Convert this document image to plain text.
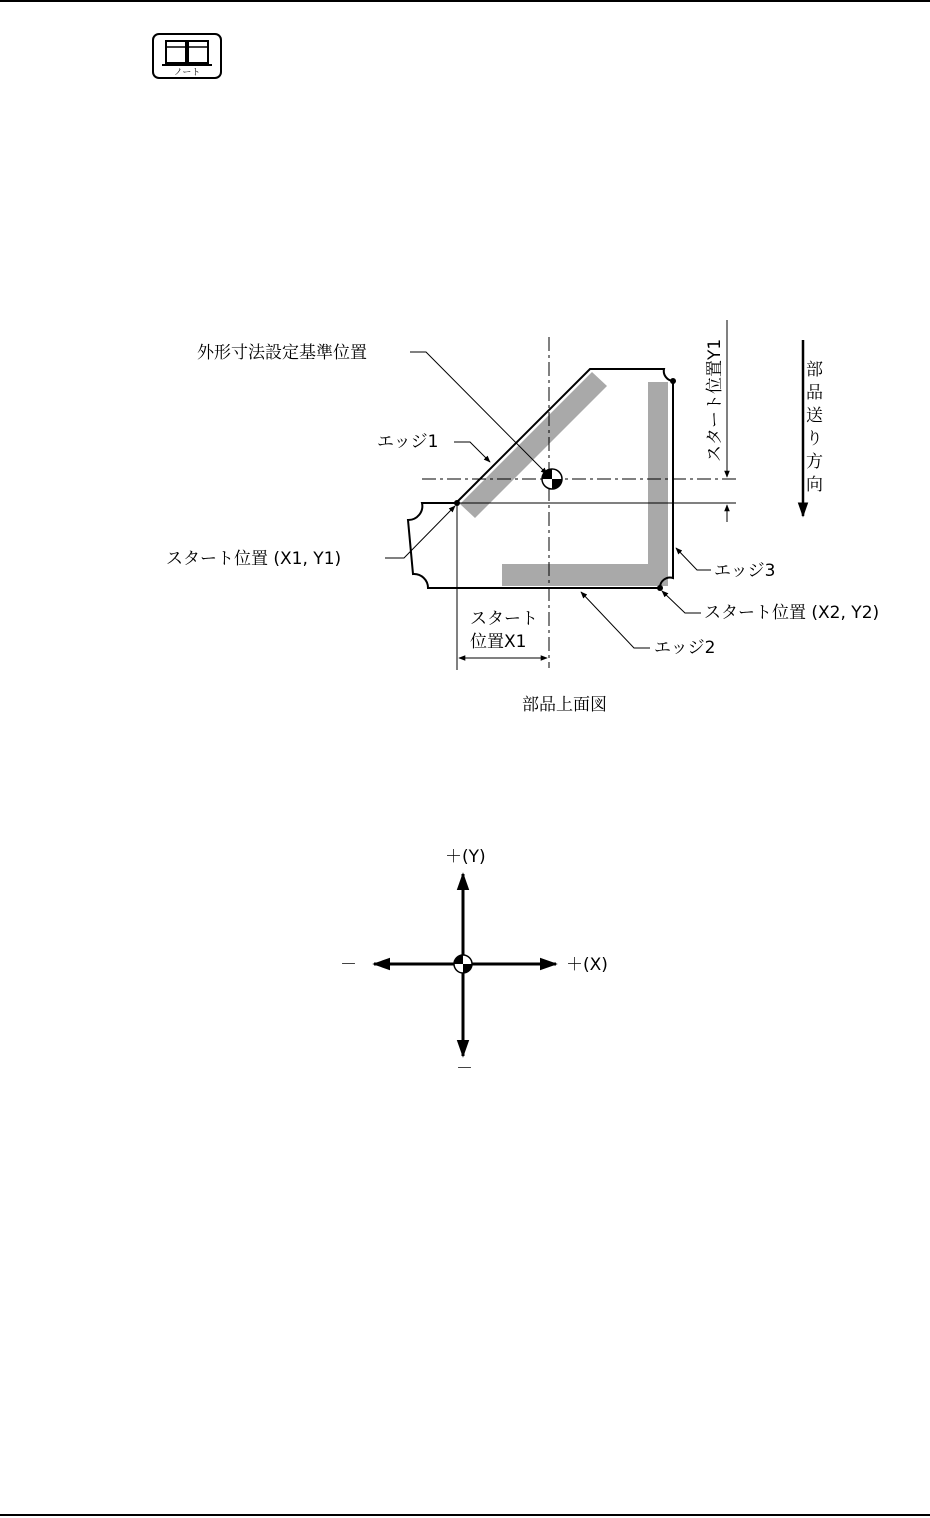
ノート
スタート位置Y1
スタート
位置X1
外形寸法設定基準位置
エッジ1
スタート位置 (X1, Y1)
エッジ2
エッジ3
スタート位置 (X2, Y2)
部品送り方向
部品上面図
＋(Y)
＋(X)
－
－
